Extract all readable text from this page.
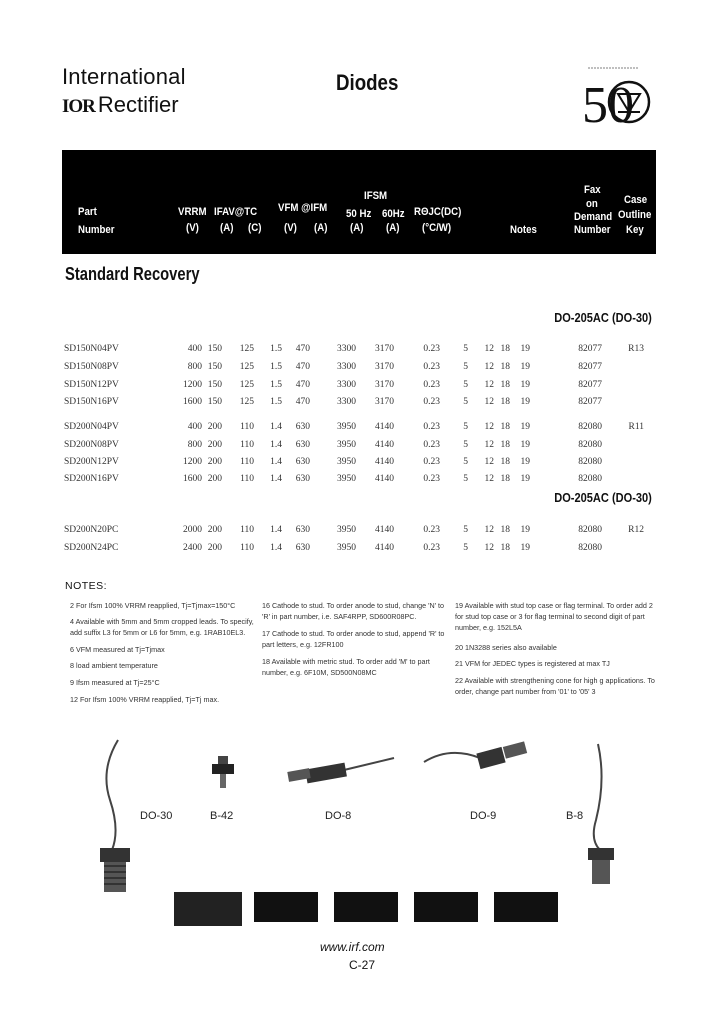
International
IOR Rectifier
Diodes	50
Part
Number
VRRM
(V)
IFAV@TC
(A) (C)
VFM @IFM
(V) (A)
IFSM
50 Hz 60Hz
(A) (A)
RΘJC(DC)
(°C/W)	Notes
Fax
on
Demand
Number
Case
Outline
Key
Standard Recovery
DO-205AC (DO-30)
DO-205AC (DO-30)
SD150N04PV	400 150 125 1.5 470	3300 3170	0.23 5 12 18 19	82077	R13
SD150N08PV	800 150 125 1.5 470	3300 3170	0.23 5 12 18 19	82077
SD150N12PV	1200 150 125 1.5 470	3300 3170	0.23 5 12 18 19	82077
SD150N16PV	1600 150 125 1.5 470	3300 3170	0.23 5 12 18 19	82077
SD200N04PV	400 200 110 1.4 630	3950 4140	0.23 5 12 18 19	82080	R11
SD200N08PV	800 200 110 1.4 630	3950 4140	0.23 5 12 18 19	82080
SD200N12PV	1200 200 110 1.4 630	3950 4140	0.23 5 12 18 19	82080
SD200N16PV	1600 200 110 1.4 630	3950 4140	0.23 5 12 18 19	82080
SD200N20PC	2000 200 110 1.4 630	3950 4140	0.23 5 12 18 19	82080	R12
SD200N24PC	2400 200 110 1.4 630	3950 4140	0.23 5 12 18 19	82080
NOTES:
2 For Ifsm 100% VRRM reapplied, Tj=Tjmax=150°C
4 Available with 5mm and 5mm cropped leads. To specify, add suffix L3 for 5mm or L6 for 5mm, e.g. 1RAB10EL3.
6 VFM measured at Tj=Tjmax
8 load ambient temperature
9 Ifsm measured at Tj=25°C
12 For Ifsm 100% VRRM reapplied, Tj=Tj max.
16 Cathode to stud. To order anode to stud, change 'N' to 'R' in part number, i.e. SAF4RPP, SD600R08PC.
17 Cathode to stud. To order anode to stud, append 'R' to part letters, e.g. 12FR100
18 Available with metric stud. To order add 'M' to part number, e.g. 6F10M, SD500N08MC
19 Available with stud top case or flag terminal. To order add 2 for stud top case or 3 for flag terminal to second digit of part number, e.g. 152L5A
20 1N3288 series also available
21 VFM for JEDEC types is registered at max TJ
22 Available with strengthening cone for high g applications. To order, change part number from '01' to '05' 3
DO-30	B-42	DO-8	DO-9	B-8
www.irf.com
C-27
